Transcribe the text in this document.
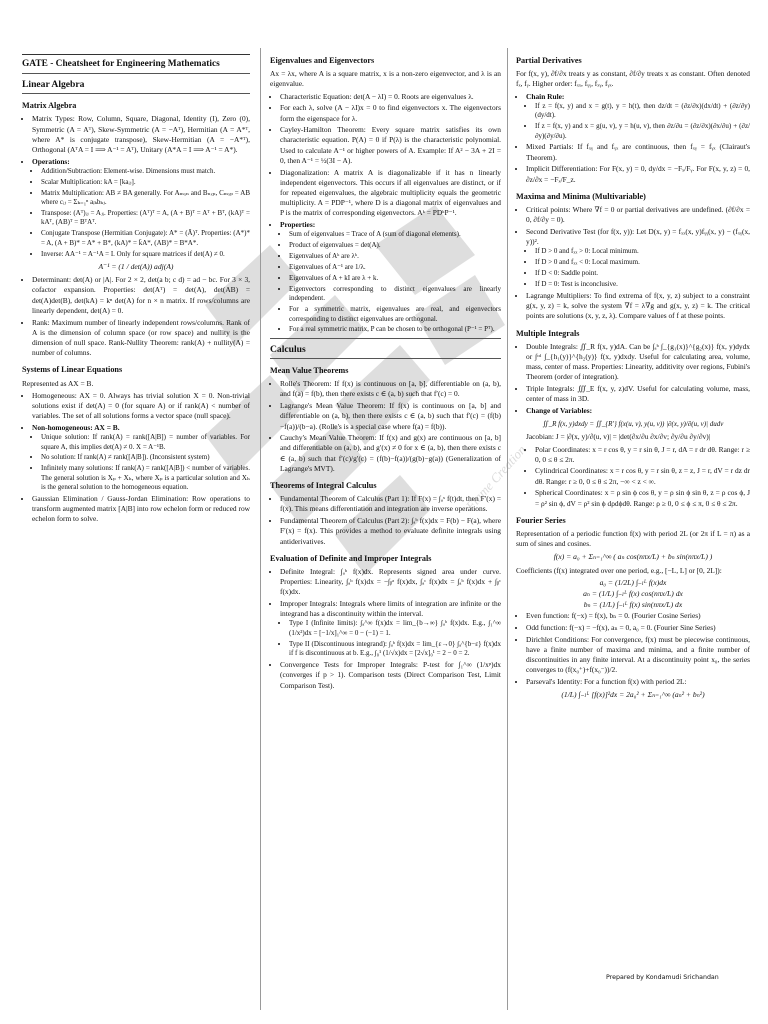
Flame Creation
GATE - Cheatsheet for Engineering Mathematics
Linear Algebra
Matrix Algebra
• Matrix Types: Row, Column, Square, Diagonal, Identity (I), Zero (0), Symmetric (A = Aᵀ), Skew-Symmetric (A = −Aᵀ), Hermitian (A = A*ᵀ, where A* is conjugate transpose), Skew-Hermitian (A = −A*ᵀ), Orthogonal (AᵀA = I ⟹ A⁻¹ = Aᵀ), Unitary (A*A = I ⟹ A⁻¹ = A*).
• Operations:
• Addition/Subtraction: Element-wise. Dimensions must match.
• Scalar Multiplication: kA = [kaᵢⱼ].
• Matrix Multiplication: AB ≠ BA generally. For Aₘₓₙ and Bₙₓₚ, Cₘₓₚ = AB where cᵢⱼ = Σₖ₌₁ⁿ aᵢₖbₖⱼ.
• Transpose: (Aᵀ)ᵢⱼ = Aⱼᵢ. Properties: (Aᵀ)ᵀ = A, (A + B)ᵀ = Aᵀ + Bᵀ, (kA)ᵀ = kAᵀ, (AB)ᵀ = BᵀAᵀ.
• Conjugate Transpose (Hermitian Conjugate): A* = (Ā)ᵀ. Properties: (A*)* = A, (A + B)* = A* + B*, (kA)* = k̄A*, (AB)* = B*A*.
• Inverse: AA⁻¹ = A⁻¹A = I. Only for square matrices if det(A) ≠ 0.
A⁻¹ = (1 / det(A)) adj(A)
• Determinant: det(A) or |A|. For 2 × 2, det(a b; c d) = ad − bc. For 3 × 3, cofactor expansion. Properties: det(Aᵀ) = det(A), det(AB) = det(A)det(B), det(kA) = kⁿ det(A) for n × n matrix. If rows/columns are linearly dependent, det(A) = 0.
• Rank: Maximum number of linearly independent rows/columns. Rank of A is the dimension of column space (or row space) and nullity is the dimension of null space. Rank-Nullity Theorem: rank(A) + nullity(A) = number of columns.
Systems of Linear Equations
Represented as AX = B.
• Homogeneous: AX = 0. Always has trivial solution X = 0. Non-trivial solutions exist if det(A) = 0 (for square A) or if rank(A) < number of variables. The set of all solutions forms a vector space (null space).
• Non-homogeneous: AX = B.
• Unique solution: If rank(A) = rank([A|B]) = number of variables. For square A, this implies det(A) ≠ 0. X = A⁻¹B.
• No solution: If rank(A) ≠ rank([A|B]). (Inconsistent system)
• Infinitely many solutions: If rank(A) = rank([A|B]) < number of variables. The general solution is Xₚ + Xₕ, where Xₚ is a particular solution and Xₕ is the general solution to the homogeneous equation.
• Gaussian Elimination / Gauss-Jordan Elimination: Row operations to transform augmented matrix [A|B] into row echelon form or reduced row echelon form to solve.
Eigenvalues and Eigenvectors
Ax = λx, where A is a square matrix, x is a non-zero eigenvector, and λ is an eigenvalue.
• Characteristic Equation: det(A − λI) = 0. Roots are eigenvalues λ.
• For each λ, solve (A − λI)x = 0 to find eigenvectors x. The eigenvectors form the eigenspace for λ.
• Cayley-Hamilton Theorem: Every square matrix satisfies its own characteristic equation. P(A) = 0 if P(λ) is the characteristic polynomial. Used to calculate A⁻¹ or higher powers of A. Example: If A² − 3A + 2I = 0, then A⁻¹ = ½(3I − A).
• Diagonalization: A matrix A is diagonalizable if it has n linearly independent eigenvectors. This occurs if all eigenvalues are distinct, or if for repeated eigenvalues, the algebraic multiplicity equals the geometric multiplicity. A = PDP⁻¹, where D is a diagonal matrix of eigenvalues and P is the matrix of corresponding eigenvectors. Aᵏ = PDᵏP⁻¹.
• Properties:
• Sum of eigenvalues = Trace of A (sum of diagonal elements).
• Product of eigenvalues = det(A).
• Eigenvalues of Aᵏ are λᵏ.
• Eigenvalues of A⁻¹ are 1/λ.
• Eigenvalues of A + kI are λ + k.
• Eigenvectors corresponding to distinct eigenvalues are linearly independent.
• For a symmetric matrix, eigenvalues are real, and eigenvectors corresponding to distinct eigenvalues are orthogonal.
• For a real symmetric matrix, P can be chosen to be orthogonal (P⁻¹ = Pᵀ).
Calculus
Mean Value Theorems
• Rolle's Theorem: If f(x) is continuous on [a, b], differentiable on (a, b), and f(a) = f(b), then there exists c ∈ (a, b) such that f′(c) = 0.
• Lagrange's Mean Value Theorem: If f(x) is continuous on [a, b] and differentiable on (a, b), then there exists c ∈ (a, b) such that f′(c) = (f(b)−f(a))/(b−a). (Rolle's is a special case where f(a) = f(b)).
• Cauchy's Mean Value Theorem: If f(x) and g(x) are continuous on [a, b] and differentiable on (a, b), and g′(x) ≠ 0 for x ∈ (a, b), then there exists c ∈ (a, b) such that f′(c)/g′(c) = (f(b)−f(a))/(g(b)−g(a)) (Generalization of Lagrange's MVT).
Theorems of Integral Calculus
• Fundamental Theorem of Calculus (Part 1): If F(x) = ∫ₐˣ f(t)dt, then F′(x) = f(x). This means differentiation and integration are inverse operations.
• Fundamental Theorem of Calculus (Part 2): ∫ₐᵇ f(x)dx = F(b) − F(a), where F′(x) = f(x). This provides a method to evaluate definite integrals using antiderivatives.
Evaluation of Definite and Improper Integrals
• Definite Integral: ∫ₐᵇ f(x)dx. Represents signed area under curve. Properties: Linearity, ∫ₐᵇ f(x)dx = −∫ᵦᵃ f(x)dx, ∫ₐᶜ f(x)dx = ∫ₐᵇ f(x)dx + ∫ᵦᶜ f(x)dx.
• Improper Integrals: Integrals where limits of integration are infinite or the integrand has a discontinuity within the interval.
• Type I (Infinite limits): ∫ₐ^∞ f(x)dx = lim_{b→∞} ∫ₐᵇ f(x)dx. E.g., ∫₁^∞ (1/x²)dx = [−1/x]₁^∞ = 0 − (−1) = 1.
• Type II (Discontinuous integrand): ∫ₐᵇ f(x)dx = lim_{ε→0} ∫ₐ^{b−ε} f(x)dx if f is discontinuous at b. E.g., ∫₀¹ (1/√x)dx = [2√x]₀¹ = 2 − 0 = 2.
• Convergence Tests for Improper Integrals: P-test for ∫₁^∞ (1/xᵖ)dx (converges if p > 1). Comparison tests (Direct Comparison Test, Limit Comparison Test).
Partial Derivatives
For f(x, y), ∂f/∂x treats y as constant, ∂f/∂y treats x as constant. Often denoted fₓ, fᵧ. Higher order: fₓₓ, fᵧᵧ, fₓᵧ, fᵧₓ.
• Chain Rule:
• If z = f(x, y) and x = g(t), y = h(t), then dz/dt = (∂z/∂x)(dx/dt) + (∂z/∂y)(dy/dt).
• If z = f(x, y) and x = g(u, v), y = h(u, v), then ∂z/∂u = (∂z/∂x)(∂x/∂u) + (∂z/∂y)(∂y/∂u).
• Mixed Partials: If fₓᵧ and fᵧₓ are continuous, then fₓᵧ = fᵧₓ (Clairaut's Theorem).
• Implicit Differentiation: For F(x, y) = 0, dy/dx = −Fₓ/Fᵧ. For F(x, y, z) = 0, ∂z/∂x = −Fₓ/F_z.
Maxima and Minima (Multivariable)
• Critical points: Where ∇f = 0 or partial derivatives are undefined. (∂f/∂x = 0, ∂f/∂y = 0).
• Second Derivative Test (for f(x, y)): Let D(x, y) = fₓₓ(x, y)fᵧᵧ(x, y) − (fₓᵧ(x, y))².
• If D > 0 and fₓₓ > 0: Local minimum.
• If D > 0 and fₓₓ < 0: Local maximum.
• If D < 0: Saddle point.
• If D = 0: Test is inconclusive.
• Lagrange Multipliers: To find extrema of f(x, y, z) subject to a constraint g(x, y, z) = k, solve the system ∇f = λ∇g and g(x, y, z) = k. The critical points are solutions (x, y, z, λ). Compare values of f at these points.
Multiple Integrals
• Double Integrals: ∬_R f(x, y)dA. Can be ∫ₐᵇ ∫_{g₁(x)}^{g₂(x)} f(x, y)dydx or ∫ᶜᵈ ∫_{h₁(y)}^{h₂(y)} f(x, y)dxdy. Useful for calculating area, volume, mass, center of mass. Properties: Linearity, additivity over regions, Fubini's Theorem (order of integration).
• Triple Integrals: ∭_E f(x, y, z)dV. Useful for calculating volume, mass, center of mass in 3D.
• Change of Variables:
∬_R f(x, y)dxdy = ∬_{R′} f(x(u, v), y(u, v)) |∂(x, y)/∂(u, v)| dudv
Jacobian: J = |∂(x, y)/∂(u, v)| = |det(∂x/∂u ∂x/∂v; ∂y/∂u ∂y/∂v)|
• Polar Coordinates: x = r cos θ, y = r sin θ, J = r, dA = r dr dθ. Range: r ≥ 0, 0 ≤ θ ≤ 2π.
• Cylindrical Coordinates: x = r cos θ, y = r sin θ, z = z, J = r, dV = r dz dr dθ. Range: r ≥ 0, 0 ≤ θ ≤ 2π, −∞ < z < ∞.
• Spherical Coordinates: x = ρ sin ϕ cos θ, y = ρ sin ϕ sin θ, z = ρ cos ϕ, J = ρ² sin ϕ, dV = ρ² sin ϕ dρdϕdθ. Range: ρ ≥ 0, 0 ≤ ϕ ≤ π, 0 ≤ θ ≤ 2π.
Fourier Series
Representation of a periodic function f(x) with period 2L (or 2π if L = π) as a sum of sines and cosines.
f(x) = a₀ + Σₙ₌₁^∞ ( aₙ cos(nπx/L) + bₙ sin(nπx/L) )
Coefficients (f(x) integrated over one period, e.g., [−L, L] or [0, 2L]):
a₀ = (1/2L) ∫₋ₗᴸ f(x)dx
aₙ = (1/L) ∫₋ₗᴸ f(x) cos(nπx/L) dx
bₙ = (1/L) ∫₋ₗᴸ f(x) sin(nπx/L) dx
• Even function: f(−x) = f(x), bₙ = 0. (Fourier Cosine Series)
• Odd function: f(−x) = −f(x), aₙ = 0, a₀ = 0. (Fourier Sine Series)
• Dirichlet Conditions: For convergence, f(x) must be piecewise continuous, have a finite number of maxima and minima, and a finite number of discontinuities in any finite interval. At a discontinuity point x₀, the series converges to (f(x₀⁺)+f(x₀⁻))/2.
• Parseval's Identity: For a function f(x) with period 2L:
(1/L) ∫₋ₗᴸ [f(x)]²dx = 2a₀² + Σₙ₌₁^∞ (aₙ² + bₙ²)
Prepared by Kondamudi Srichandan
